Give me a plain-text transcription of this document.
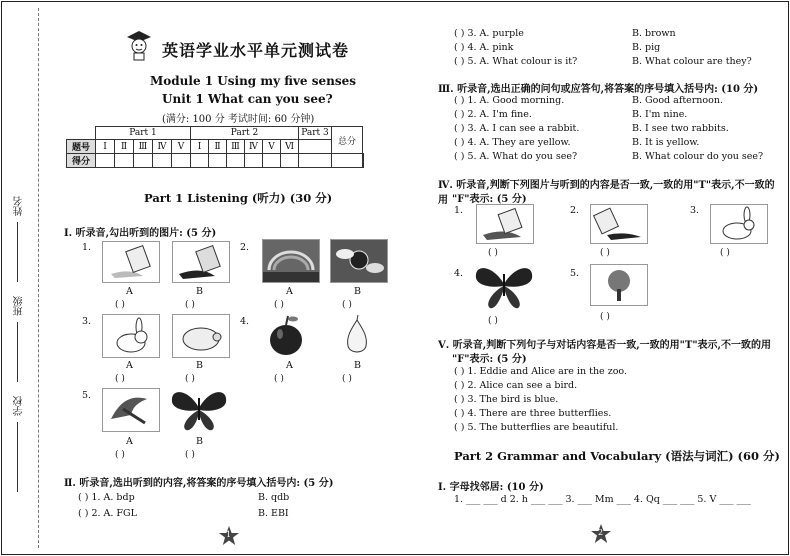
姓名
班级
学校
英语学业水平单元测试卷
Module 1 Using my five senses
Unit 1 What can you see?
(满分: 100 分 考试时间: 60 分钟)
	Part 1					Part 2						Part 3	总分	
题号	Ⅰ	Ⅱ	Ⅲ	Ⅳ	Ⅴ	Ⅰ	Ⅱ	Ⅲ	Ⅳ	Ⅴ	Ⅵ			
得分														
Part 1 Listening (听力) (30 分)
Ⅰ. 听录音,勾出听到的图片: (5 分)
1.
A	B
( )	( )
2.
A	B
( )	( )
3.
A	B
( )	( )
4.
A	B
( )	( )
5.
A	B
( )	( )
Ⅱ. 听录音,选出听到的内容,将答案的序号填入括号内: (5 分)
( ) 1. A. bdp	B. qdb
( ) 2. A. FGL	B. EBI
1
( ) 3. A. purple	B. brown
( ) 4. A. pink	B. pig
( ) 5. A. What colour is it?	B. What colour are they?
Ⅲ. 听录音,选出正确的问句或应答句,将答案的序号填入括号内: (10 分)
( ) 1. A. Good morning.	B. Good afternoon.
( ) 2. A. I'm fine.	B. I'm nine.
( ) 3. A. I can see a rabbit.	B. I see two rabbits.
( ) 4. A. They are yellow.	B. It is yellow.
( ) 5. A. What do you see?	B. What colour do you see?
Ⅳ. 听录音,判断下列图片与听到的内容是否一致,一致的用"T"表示,不一致的用 "F"表示: (5 分)
1.
( )
2.
( )
3.
( )
4.
( )
5.
( )
Ⅴ. 听录音,判断下列句子与对话内容是否一致,一致的用"T"表示,不一致的用
"F"表示: (5 分)
( ) 1. Eddie and Alice are in the zoo.
( ) 2. Alice can see a bird.
( ) 3. The bird is blue.
( ) 4. There are three butterflies.
( ) 5. The butterflies are beautiful.
Part 2 Grammar and Vocabulary (语法与词汇) (60 分)
Ⅰ. 字母找邻居: (10 分)
1. ___ ___ d 2. h ___ ___ 3. ___ Mm ___ 4. Qq ___ ___ 5. V ___ ___
2
